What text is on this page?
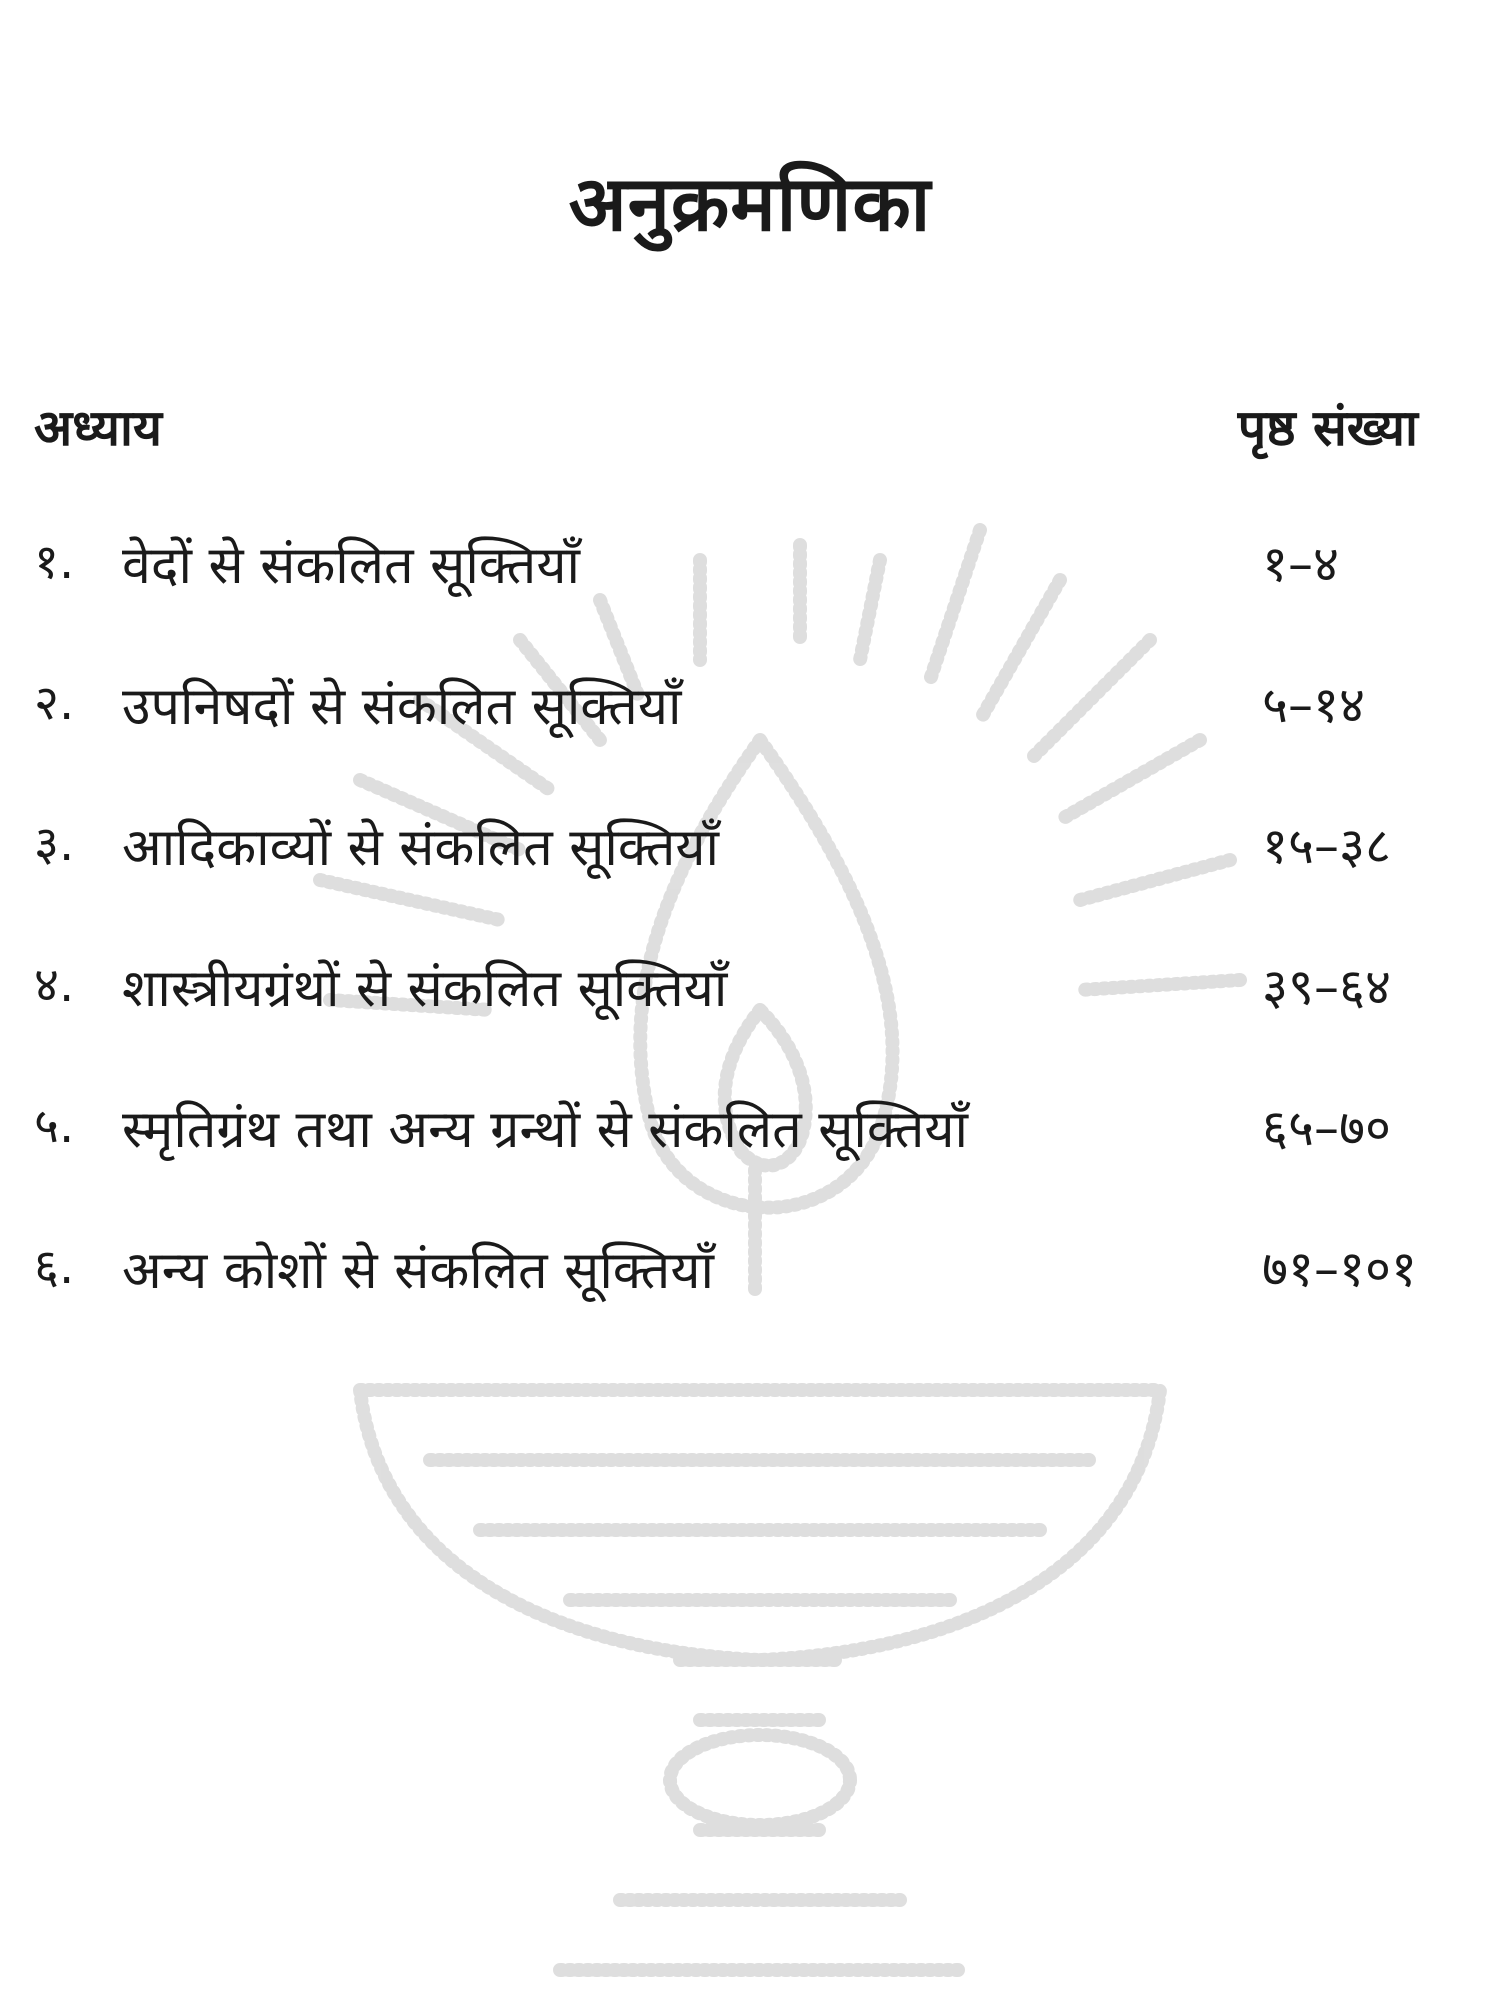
अनुक्रमणिका
अध्याय	पृष्ठ संख्या
१. वेदों से संकलित सूक्तियाँ	१–४
२. उपनिषदों से संकलित सूक्तियाँ	५–१४
३. आदिकाव्यों से संकलित सूक्तियाँ	१५–३८
४. शास्त्रीयग्रंथों से संकलित सूक्तियाँ	३९–६४
५. स्मृतिग्रंथ तथा अन्य ग्रन्थों से संकलित सूक्तियाँ	६५–७०
६. अन्य कोशों से संकलित सूक्तियाँ	७१–१०१
